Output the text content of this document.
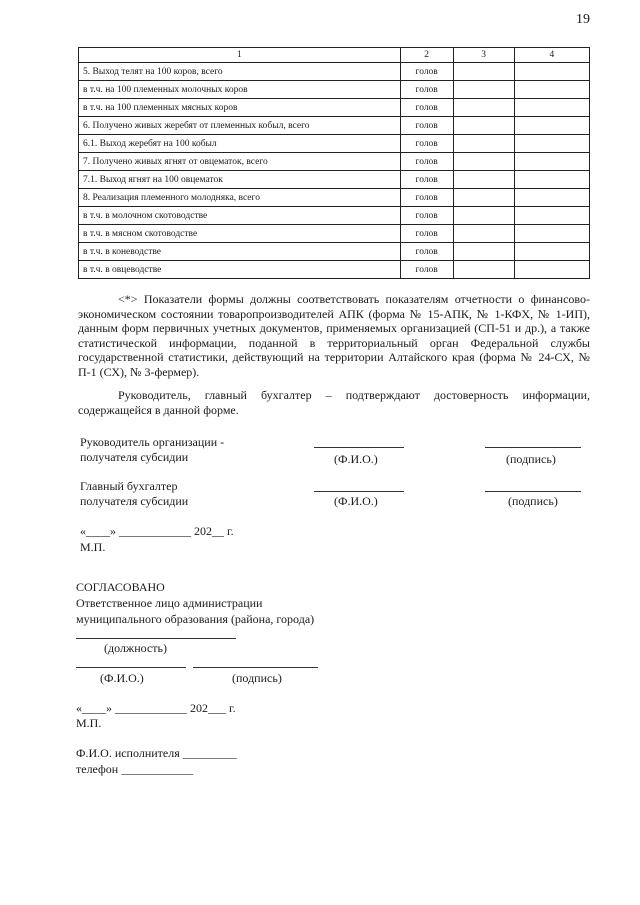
19
1	2	3	4
5. Выход телят на 100 коров, всего	голов		
в т.ч. на 100 племенных молочных коров	голов		
в т.ч. на 100 племенных мясных коров	голов		
6. Получено живых жеребят от племенных кобыл, всего	голов		
6.1. Выход жеребят на 100 кобыл	голов		
7. Получено живых ягнят от овцематок, всего	голов		
7.1. Выход ягнят на 100 овцематок	голов		
8. Реализация племенного молодняка, всего	голов		
в т.ч. в молочном скотоводстве	голов		
в т.ч. в мясном скотоводстве	голов		
в т.ч. в коневодстве	голов		
в т.ч. в овцеводстве	голов		

<*> Показатели формы должны соответствовать показателям отчетности о финансово-экономическом состоянии товаропроизводителей АПК (форма № 15-АПК, № 1-КФХ, № 1-ИП), данным форм первичных учетных документов, применяемых организацией (СП-51 и др.), а также статистической информации, поданной в территориальный орган Федеральной службы государственной статистики, действующий на территории Алтайского края (форма № 24-СХ, № П-1 (СХ), № 3-фермер).

Руководитель, главный бухгалтер – подтверждают достоверность информации, содержащейся в данной форме.

Руководитель организации -
получателя субсидии	(Ф.И.О.)	(подпись)
Главный бухгалтер
получателя субсидии	(Ф.И.О.)	(подпись)
«____» ____________ 202__ г.
М.П.
СОГЛАСОВАНО
Ответственное лицо администрации
муниципального образования (района, города)
(должность)
(Ф.И.О.)	(подпись)
«____» ____________ 202___ г.
М.П.
Ф.И.О. исполнителя _________
телефон ____________
